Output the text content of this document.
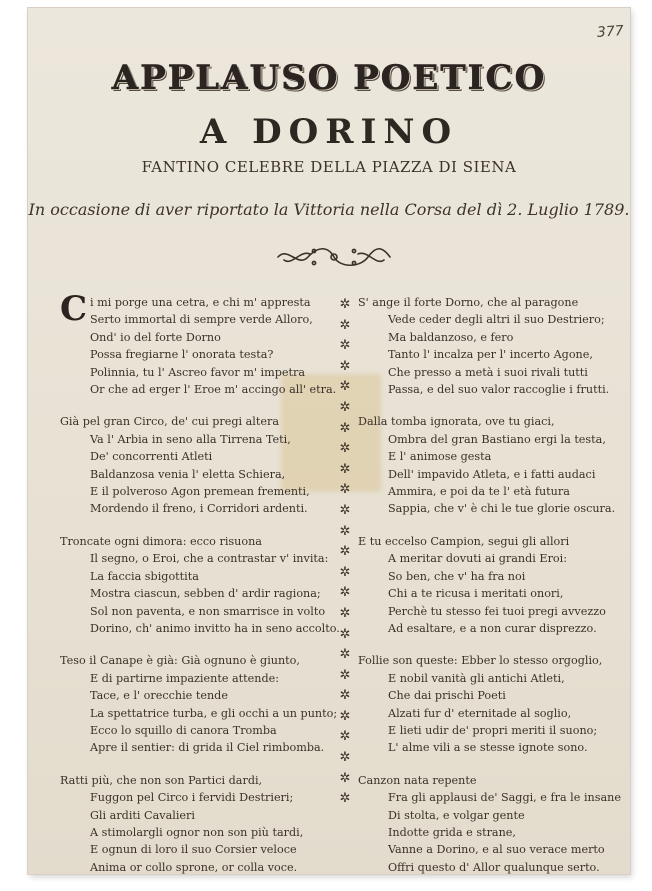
377
APPLAUSO POETICO
A DORINO
FANTINO CELEBRE DELLA PIAZZA DI SIENA
In occasione di aver riportato la Vittoria nella Corsa del dì 2. Luglio 1789.
C i mi porge una cetra, e chi m' appresta
Serto immortal di sempre verde Alloro,
Ond' io del forte Dorno
Possa fregiarne l' onorata testa?
Polinnia, tu l' Ascreo favor m' impetra
Or che ad erger l' Eroe m' accingo all' etra.
Già pel gran Circo, de' cui pregi altera
Va l' Arbia in seno alla Tirrena Teti,
De' concorrenti Atleti
Baldanzosa venia l' eletta Schiera,
E il polveroso Agon premean frementi,
Mordendo il freno, i Corridori ardenti.
Troncate ogni dimora: ecco risuona
Il segno, o Eroi, che a contrastar v' invita:
La faccia sbigottita
Mostra ciascun, sebben d' ardir ragiona;
Sol non paventa, e non smarrisce in volto
Dorino, ch' animo invitto ha in seno accolto.
Teso il Canape è già: Già ognuno è giunto,
E di partirne impaziente attende:
Tace, e l' orecchie tende
La spettatrice turba, e gli occhi a un punto;
Ecco lo squillo di canora Tromba
Apre il sentier: di grida il Ciel rimbomba.
Ratti più, che non son Partici dardi,
Fuggon pel Circo i fervidi Destrieri;
Gli arditi Cavalieri
A stimolargli ognor non son più tardi,
E ognun di loro il suo Corsier veloce
Anima or collo sprone, or colla voce.
✲
✲
✲
✲
✲
✲
✲
✲
✲
✲
✲
✲
✲
✲
✲
✲
✲
✲
✲
✲
✲
✲
✲
✲
✲
S' ange il forte Dorno, che al paragone
Vede ceder degli altri il suo Destriero;
Ma baldanzoso, e fero
Tanto l' incalza per l' incerto Agone,
Che presso a metà i suoi rivali tutti
Passa, e del suo valor raccoglie i frutti.
Dalla tomba ignorata, ove tu giaci,
Ombra del gran Bastiano ergi la testa,
E l' animose gesta
Dell' impavido Atleta, e i fatti audaci
Ammira, e poi da te l' età futura
Sappia, che v' è chi le tue glorie oscura.
E tu eccelso Campion, segui gli allori
A meritar dovuti ai grandi Eroi:
So ben, che v' ha fra noi
Chi a te ricusa i meritati onori,
Perchè tu stesso fei tuoi pregi avvezzo
Ad esaltare, e a non curar disprezzo.
Follie son queste: Ebber lo stesso orgoglio,
E nobil vanità gli antichi Atleti,
Che dai prischi Poeti
Alzati fur d' eternitade al soglio,
E lieti udir de' propri meriti il suono;
L' alme vili a se stesse ignote sono.
Canzon nata repente
Fra gli applausi de' Saggi, e fra le insane
Di stolta, e volgar gente
Indotte grida e strane,
Vanne a Dorino, e al suo verace merto
Offri questo d' Allor qualunque serto.
